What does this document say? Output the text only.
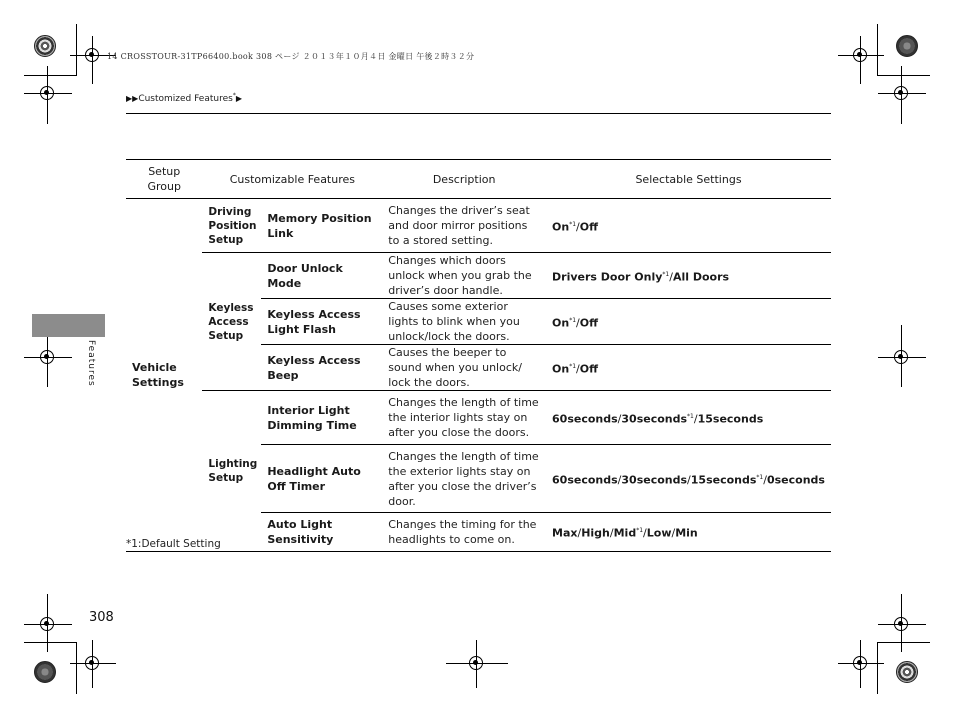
14 CROSSTOUR-31TP66400.book 308 ページ ２０１３年１０月４日 金曜日 午後２時３２分
▶▶Customized Features*▶
Features
Setup Group	Customizable Features		Description	Selectable Settings
Vehicle Settings	Driving Position Setup	Memory Position Link	Changes the driver’s seat and door mirror positions to a stored setting.	On$^{*1}$/Off
	Keyless Access Setup	Door Unlock Mode	Changes which doors unlock when you grab the driver’s door handle.	Drivers Door Only$^{*1}$/All Doors
		Keyless Access Light Flash	Causes some exterior lights to blink when you unlock/lock the doors.	On$^{*1}$/Off
		Keyless Access Beep	Causes the beeper to sound when you unlock/ lock the doors.	On$^{*1}$/Off
	Lighting Setup	Interior Light Dimming Time	Changes the length of time the interior lights stay on after you close the doors.	60seconds/30seconds$^{*1}$/15seconds
		Headlight Auto Off Timer	Changes the length of time the exterior lights stay on after you close the driver’s door.	60seconds/30seconds/15seconds$^{*1}$/0seconds
		Auto Light Sensitivity	Changes the timing for the headlights to come on.	Max/High/Mid$^{*1}$/Low/Min
*1:Default Setting
308
